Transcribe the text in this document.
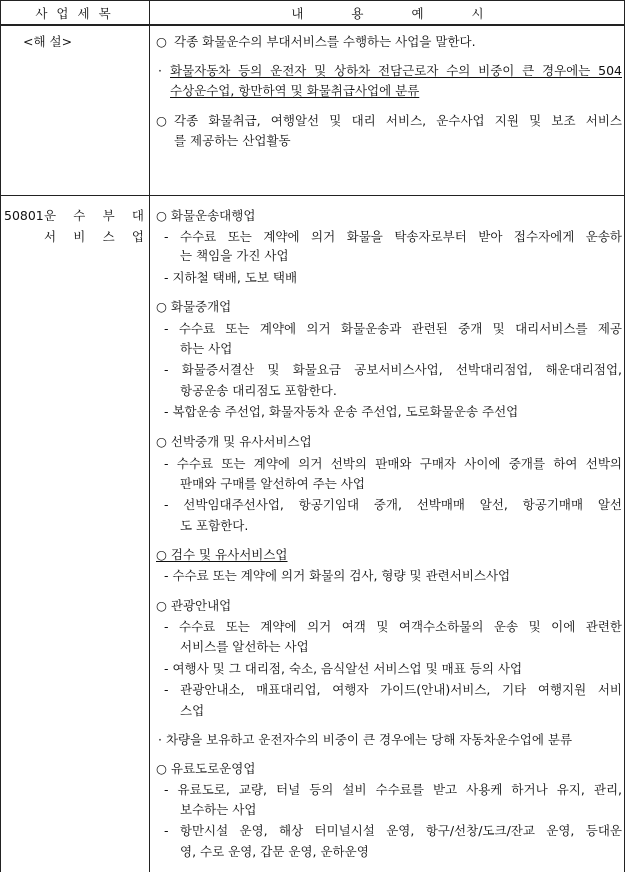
사업세목	내 용 예 시
<해 설>	○ 각종 화물운수의 부대서비스를 수행하는 사업을 말한다.
· 화물자동차 등의 운전자 및 상하차 전담근로자 수의 비중이 큰 경우에는 504
수상운수업, 항만하역 및 화물취급사업에 분류
○ 각종 화물취급, 여행알선 및 대리 서비스, 운수사업 지원 및 보조 서비스
를 제공하는 산업활동
50801 운 수 부 대
서 비 스 업
○ 화물운송대행업
- 수수료 또는 계약에 의거 화물을 탁송자로부터 받아 접수자에게 운송하
는 책임을 가진 사업
- 지하철 택배, 도보 택배
○ 화물중개업
- 수수료 또는 계약에 의거 화물운송과 관련된 중개 및 대리서비스를 제공
하는 사업
- 화물증서결산 및 화물요금 공보서비스사업, 선박대리점업, 해운대리점업,
항공운송 대리점도 포함한다.
- 복합운송 주선업, 화물자동차 운송 주선업, 도로화물운송 주선업
○ 선박중개 및 유사서비스업
- 수수료 또는 계약에 의거 선박의 판매와 구매자 사이에 중개를 하여 선박의
판매와 구매를 알선하여 주는 사업
- 선박임대주선사업, 항공기임대 중개, 선박매매 알선, 항공기매매 알선
도 포함한다.
○ 검수 및 유사서비스업
- 수수료 또는 계약에 의거 화물의 검사, 형량 및 관련서비스사업
○ 관광안내업
- 수수료 또는 계약에 의거 여객 및 여객수소하물의 운송 및 이에 관련한
서비스를 알선하는 사업
- 여행사 및 그 대리점, 숙소, 음식알선 서비스업 및 매표 등의 사업
- 관광안내소, 매표대리업, 여행자 가이드(안내)서비스, 기타 여행지원 서비
스업
· 차량을 보유하고 운전자수의 비중이 큰 경우에는 당해 자동차운수업에 분류
○ 유료도로운영업
- 유료도로, 교량, 터널 등의 설비 수수료를 받고 사용케 하거나 유지, 관리,
보수하는 사업
- 항만시설 운영, 해상 터미널시설 운영, 항구/선창/도크/잔교 운영, 등대운
영, 수로 운영, 갑문 운영, 운하운영
